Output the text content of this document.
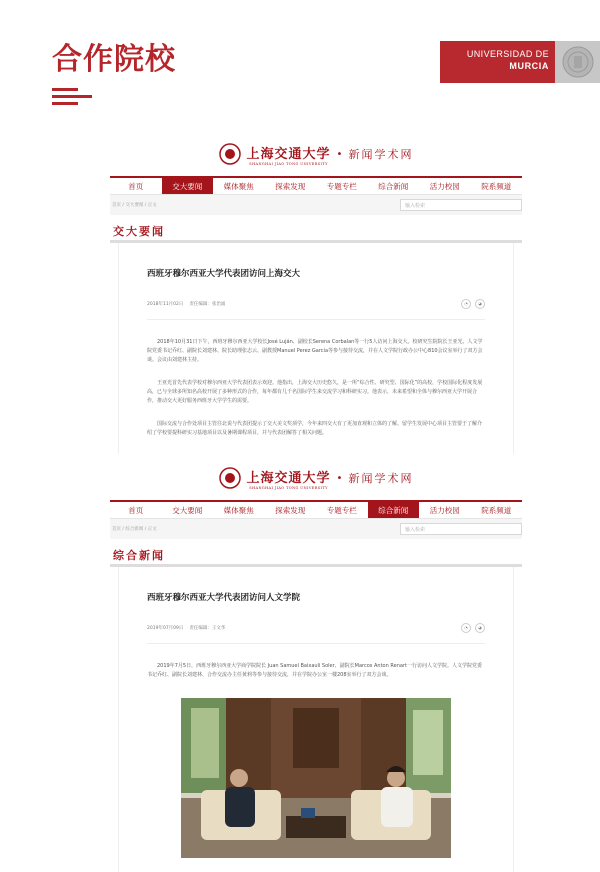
合作院校	UNIVERSIDAD DE
MURCIA
上海交通大学
SHANGHAI JIAO TONG UNIVERSITY
• 新闻学术网
首页	交大要闻	媒体聚焦	探索发现	专题专栏	综合新闻	活力校园	院系频道
首页 / 交大要闻 / 正文	输入检索
交大要闻
西班牙穆尔西亚大学代表团访问上海交大
2018年11月02日 责任编辑：张治涌	◔	◕

2018年10月31日下午，西班牙穆尔西亚大学校长José Luján、副校长Serena Corbalan等一行5人访问上海交大。校研究生院院长王亚光、人文学院党委书记乔红、副院长刘建林、院长助理张志云、副教授Manuel Perez García等参与接待交流，并在人文学院行政办公中心810会议室举行了双方会谈。会议由刘建林主持。

王亚光首先代表学校对穆尔西亚大学代表团表示欢迎。他指出，上海交大历史悠久，是一所“综合性、研究型、国际化”的高校，学校国际化程度发展高，已与全球多所知名高校开展了多种形式的合作，每年都有几千名国际学生来交流学习和科研实习。他表示，未来希望和全体与穆尔西亚大学开展合作，推动交大更好服务西班牙大学学生的需要。

国际交流与合作处项目主管往北说与代表团提示了交大美文奖项学，今年来四交大有了更加直观和立体的了解。留学生发展中心项目主管要于了解介绍了学校要提科研实习基地项目以及暑期课程项目，并与代表团解答了相关问题。

上海交通大学
SHANGHAI JIAO TONG UNIVERSITY
• 新闻学术网
首页	交大要闻	媒体聚焦	探索发现	专题专栏	综合新闻	活力校园	院系频道
首页 / 综合新闻 / 正文	输入检索
综合新闻
西班牙穆尔西亚大学代表团访问人文学院
2019年07月09日 责任编辑：王文华	◔	◕

2019年7月5日，西班牙穆尔西亚大学商学院院长 Juan Samuel Baixauli Soler、副院长Marcos Anton Renart一行访问人文学院。人文学院党委书记乔红、副院长刘建林、合作交流办主任黄莉等参与接待交流，并在学院办公室一楼208室举行了双方会谈。
